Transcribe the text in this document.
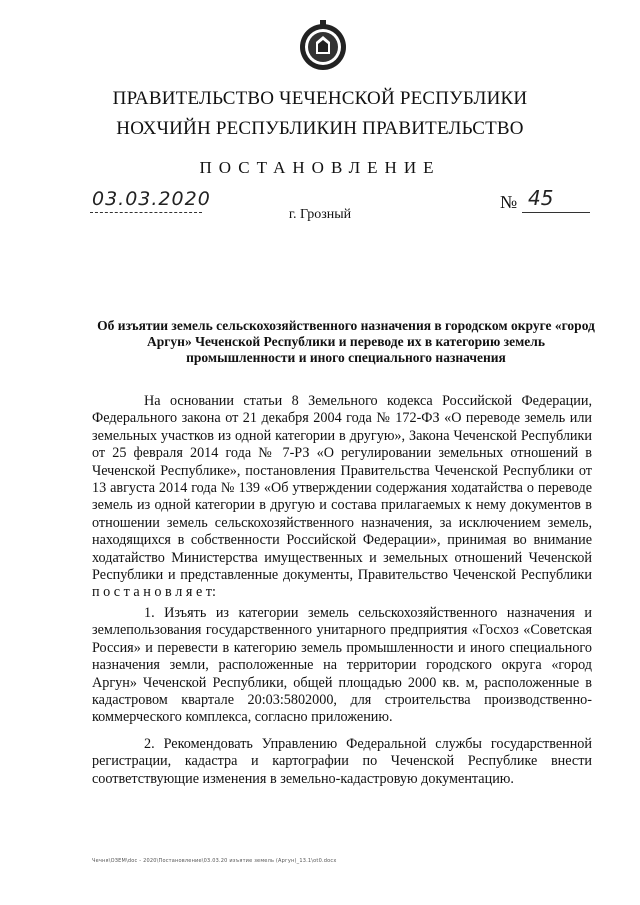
ПРАВИТЕЛЬСТВО ЧЕЧЕНСКОЙ РЕСПУБЛИКИ
НОХЧИЙН РЕСПУБЛИКИН ПРАВИТЕЛЬСТВО
ПОСТАНОВЛЕНИЕ
03.03.2020	№ 45
г. Грозный
Об изъятии земель сельскохозяйственного назначения в городском округе «город Аргун» Чеченской Республики и переводе их в категорию земель промышленности и иного специального назначения
На основании статьи 8 Земельного кодекса Российской Федерации, Федерального закона от 21 декабря 2004 года № 172-ФЗ «О переводе земель или земельных участков из одной категории в другую», Закона Чеченской Республики от 25 февраля 2014 года № 7-РЗ «О регулировании земельных отношений в Чеченской Республике», постановления Правительства Чеченской Республики от 13 августа 2014 года № 139 «Об утверждении содержания ходатайства о переводе земель из одной категории в другую и состава прилагаемых к нему документов в отношении земель сельскохозяйственного назначения, за исключением земель, находящихся в собственности Российской Федерации», принимая во внимание ходатайство Министерства имущественных и земельных отношений Чеченской Республики и представленные документы, Правительство Чеченской Республики п о с т а н о в л я е т:
1. Изъять из категории земель сельскохозяйственного назначения и землепользования государственного унитарного предприятия «Госхоз «Советская Россия» и перевести в категорию земель промышленности и иного специального назначения земли, расположенные на территории городского округа «город Аргун» Чеченской Республики, общей площадью 2000 кв. м, расположенные в кадастровом квартале 20:03:5802000, для строительства производственно-коммерческого комплекса, согласно приложению.
2. Рекомендовать Управлению Федеральной службы государственной регистрации, кадастра и картографии по Чеченской Республике внести соответствующие изменения в земельно-кадастровую документацию.
Чечня\ОЗЕМ\doc - 2020\Постановление\03.03.20 изъятие земель (Аргун)_13.1\ot0.docx
